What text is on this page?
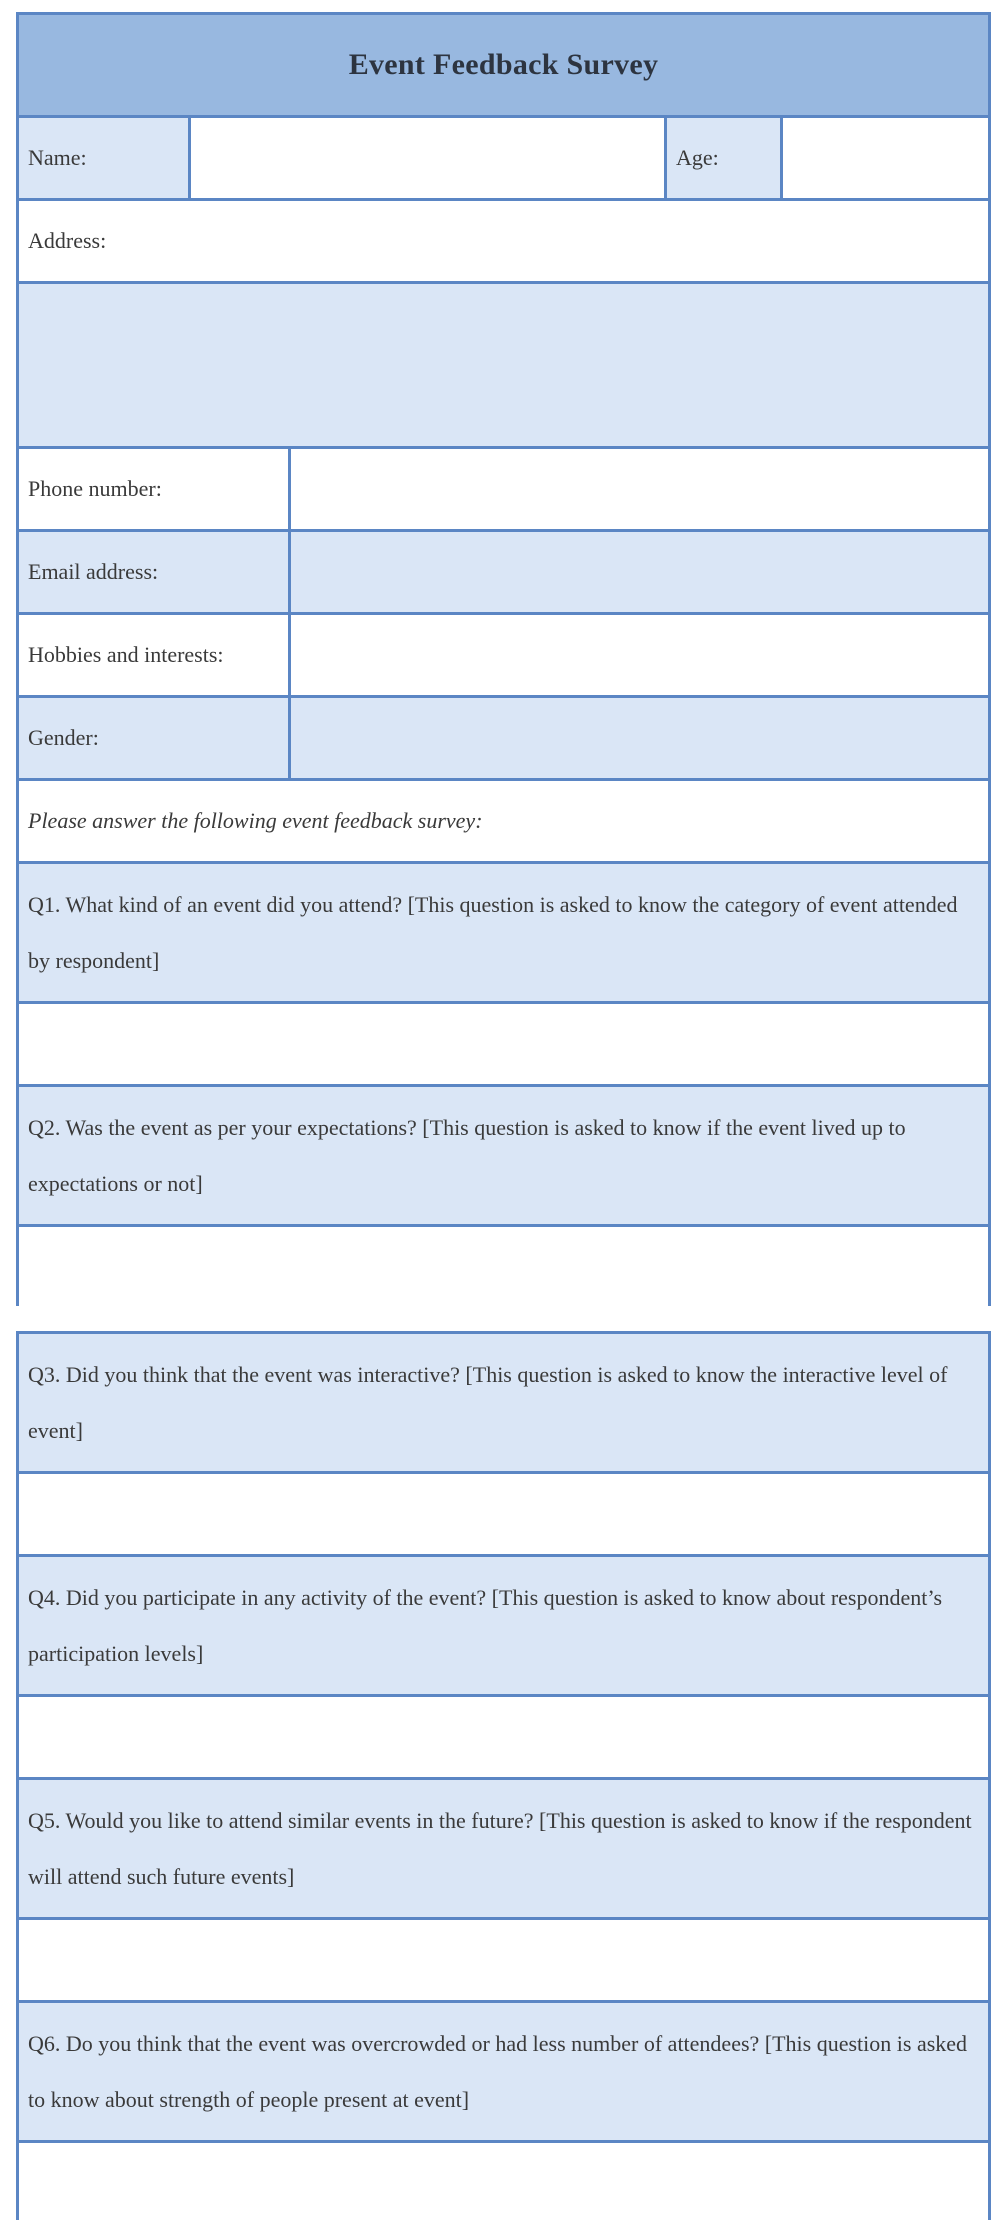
Event Feedback Survey
Name:	Age:
Address:
Phone number:
Email address:
Hobbies and interests:
Gender:
Please answer the following event feedback survey:
Q1. What kind of an event did you attend? [This question is asked to know the category of event attended by respondent]
Q2. Was the event as per your expectations? [This question is asked to know if the event lived up to expectations or not]
Q3. Did you think that the event was interactive? [This question is asked to know the interactive level of event]
Q4. Did you participate in any activity of the event? [This question is asked to know about respondent’s participation levels]
Q5. Would you like to attend similar events in the future? [This question is asked to know if the respondent will attend such future events]
Q6. Do you think that the event was overcrowded or had less number of attendees? [This question is asked to know about strength of people present at event]
